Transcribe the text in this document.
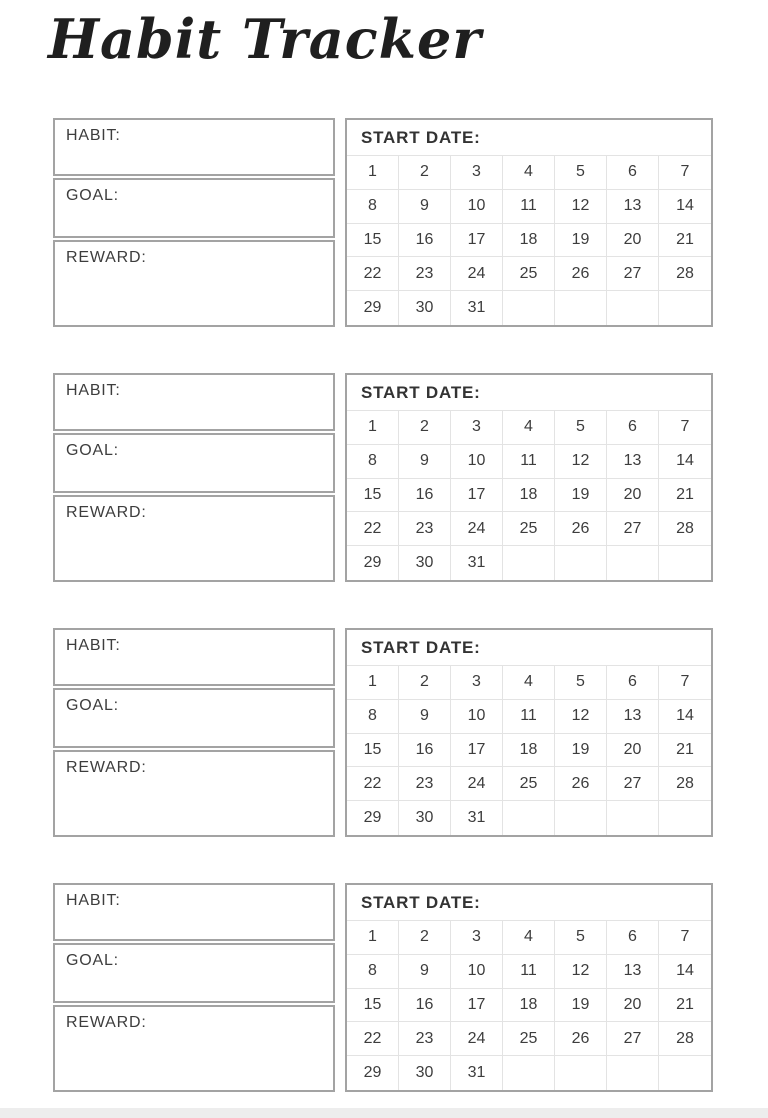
Habit Tracker
HABIT:
GOAL:
REWARD:
START DATE:
1	2	3	4	5	6	7
8	9	10	11	12	13	14
15	16	17	18	19	20	21
22	23	24	25	26	27	28
29	30	31
HABIT:
GOAL:
REWARD:
START DATE:
1	2	3	4	5	6	7
8	9	10	11	12	13	14
15	16	17	18	19	20	21
22	23	24	25	26	27	28
29	30	31
HABIT:
GOAL:
REWARD:
START DATE:
1	2	3	4	5	6	7
8	9	10	11	12	13	14
15	16	17	18	19	20	21
22	23	24	25	26	27	28
29	30	31
HABIT:
GOAL:
REWARD:
START DATE:
1	2	3	4	5	6	7
8	9	10	11	12	13	14
15	16	17	18	19	20	21
22	23	24	25	26	27	28
29	30	31
